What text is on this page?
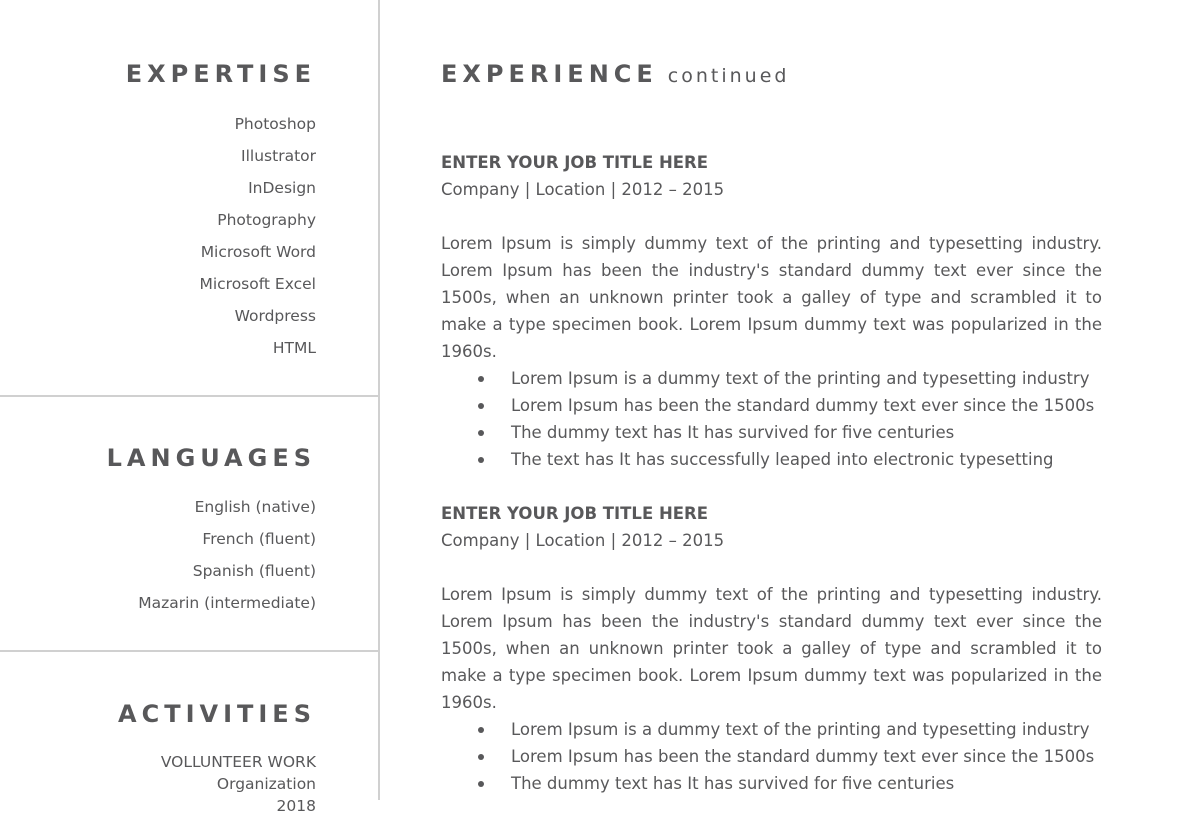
EXPERTISE
Photoshop
Illustrator
InDesign
Photography
Microsoft Word
Microsoft Excel
Wordpress
HTML
LANGUAGES
English (native)
French (fluent)
Spanish (fluent)
Mazarin (intermediate)
ACTIVITIES
VOLLUNTEER WORK
Organization
2018
EXPERIENCE continued

ENTER YOUR JOB TITLE HERE

Company | Location | 2012 – 2015

Lorem Ipsum is simply dummy text of the printing and typesetting industry. Lorem Ipsum has been the industry's standard dummy text ever since the 1500s, when an unknown printer took a galley of type and scrambled it to make a type specimen book. Lorem Ipsum dummy text was popularized in the 1960s.

Lorem Ipsum is a dummy text of the printing and typesetting industry
Lorem Ipsum has been the standard dummy text ever since the 1500s
The dummy text has It has survived for five centuries
The text has It has successfully leaped into electronic typesetting

ENTER YOUR JOB TITLE HERE

Company | Location | 2012 – 2015

Lorem Ipsum is simply dummy text of the printing and typesetting industry. Lorem Ipsum has been the industry's standard dummy text ever since the 1500s, when an unknown printer took a galley of type and scrambled it to make a type specimen book. Lorem Ipsum dummy text was popularized in the 1960s.

Lorem Ipsum is a dummy text of the printing and typesetting industry
Lorem Ipsum has been the standard dummy text ever since the 1500s
The dummy text has It has survived for five centuries
